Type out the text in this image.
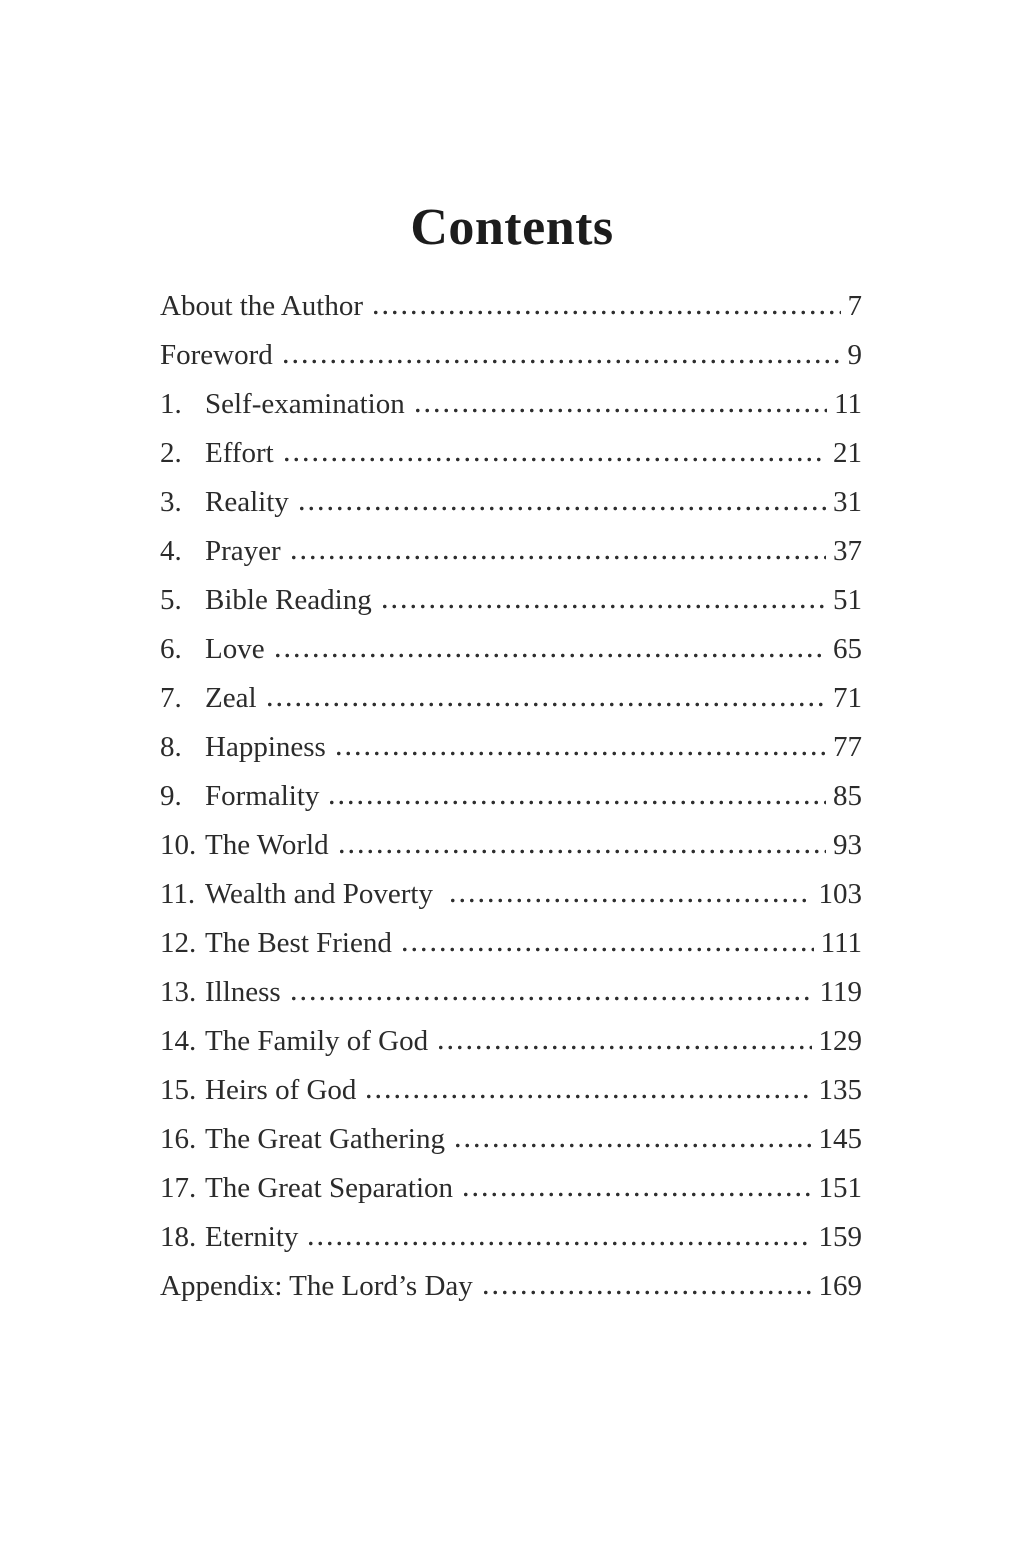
Contents
About the Author	7
Foreword	9
1. Self-examination	11
2. Effort	21
3. Reality	31
4. Prayer	37
5. Bible Reading	51
6. Love	65
7. Zeal	71
8. Happiness	77
9. Formality	85
10. The World	93
11. Wealth and Poverty	103
12. The Best Friend	111
13. Illness	119
14. The Family of God	129
15. Heirs of God	135
16. The Great Gathering	145
17. The Great Separation	151
18. Eternity	159
Appendix: The Lord’s Day	169
